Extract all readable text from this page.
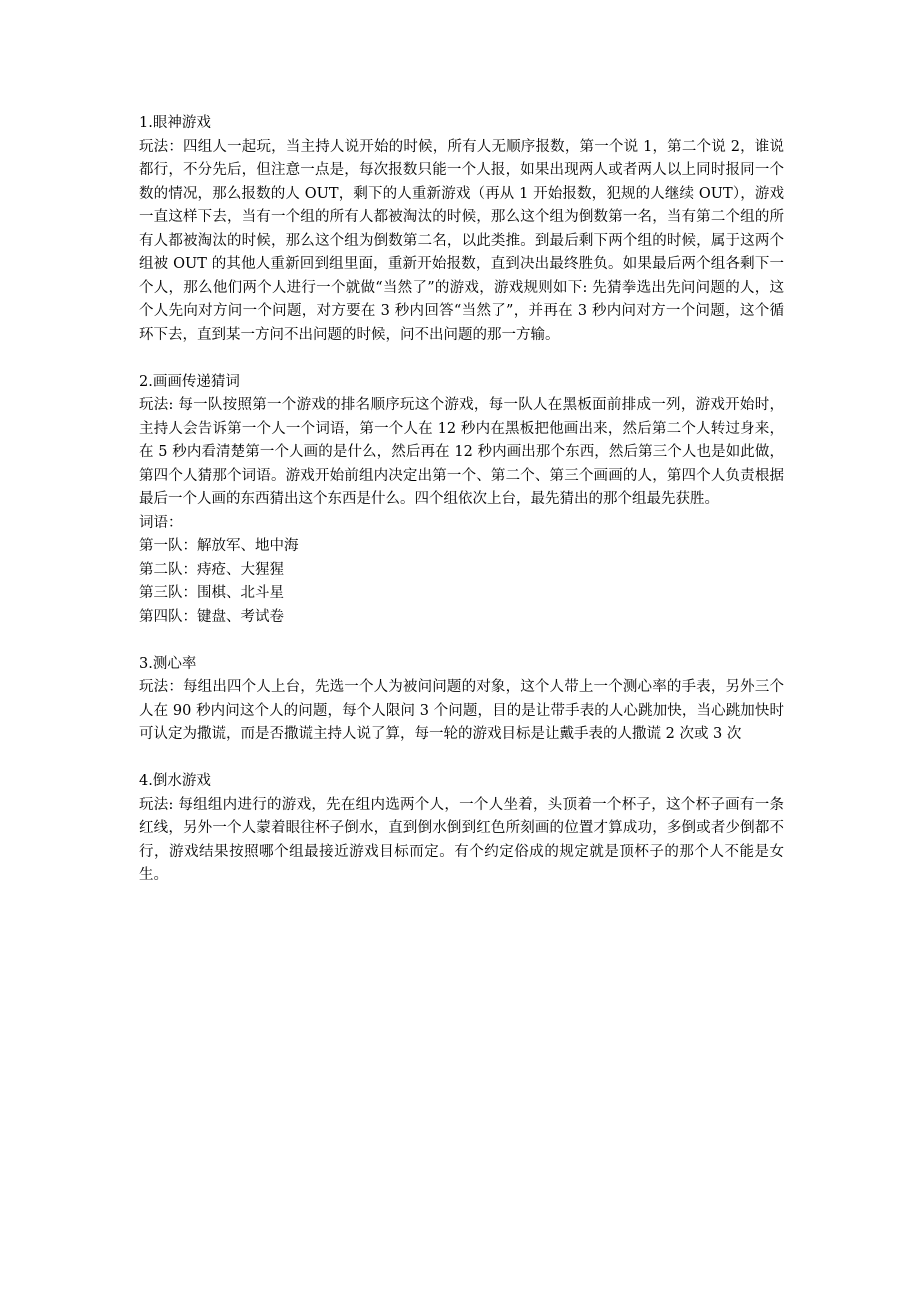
1.眼神游戏

玩法：四组人一起玩，当主持人说开始的时候，所有人无顺序报数，第一个说 1，第二个说 2，谁说都行，不分先后，但注意一点是，每次报数只能一个人报，如果出现两人或者两人以上同时报同一个数的情况，那么报数的人 OUT，剩下的人重新游戏（再从 1 开始报数，犯规的人继续 OUT），游戏一直这样下去，当有一个组的所有人都被淘汰的时候，那么这个组为倒数第一名，当有第二个组的所有人都被淘汰的时候，那么这个组为倒数第二名，以此类推。到最后剩下两个组的时候，属于这两个组被 OUT 的其他人重新回到组里面，重新开始报数，直到决出最终胜负。如果最后两个组各剩下一个人，那么他们两个人进行一个就做“当然了”的游戏，游戏规则如下: 先猜拳选出先问问题的人，这个人先向对方问一个问题，对方要在 3 秒内回答“当然了”，并再在 3 秒内问对方一个问题，这个循环下去，直到某一方问不出问题的时候，问不出问题的那一方输。

2.画画传递猜词

玩法: 每一队按照第一个游戏的排名顺序玩这个游戏，每一队人在黑板面前排成一列，游戏开始时，主持人会告诉第一个人一个词语，第一个人在 12 秒内在黑板把他画出来，然后第二个人转过身来，在 5 秒内看清楚第一个人画的是什么，然后再在 12 秒内画出那个东西，然后第三个人也是如此做，第四个人猜那个词语。游戏开始前组内决定出第一个、第二个、第三个画画的人，第四个人负责根据最后一个人画的东西猜出这个东西是什么。四个组依次上台，最先猜出的那个组最先获胜。

词语：

第一队：解放军、地中海

第二队：痔疮、大猩猩

第三队：围棋、北斗星

第四队：键盘、考试卷

3.测心率

玩法：每组出四个人上台，先选一个人为被问问题的对象，这个人带上一个测心率的手表，另外三个人在 90 秒内问这个人的问题，每个人限问 3 个问题，目的是让带手表的人心跳加快，当心跳加快时可认定为撒谎，而是否撒谎主持人说了算，每一轮的游戏目标是让戴手表的人撒谎 2 次或 3 次

4.倒水游戏

玩法: 每组组内进行的游戏，先在组内选两个人，一个人坐着，头顶着一个杯子，这个杯子画有一条红线，另外一个人蒙着眼往杯子倒水，直到倒水倒到红色所刻画的位置才算成功，多倒或者少倒都不行，游戏结果按照哪个组最接近游戏目标而定。有个约定俗成的规定就是顶杯子的那个人不能是女生。
